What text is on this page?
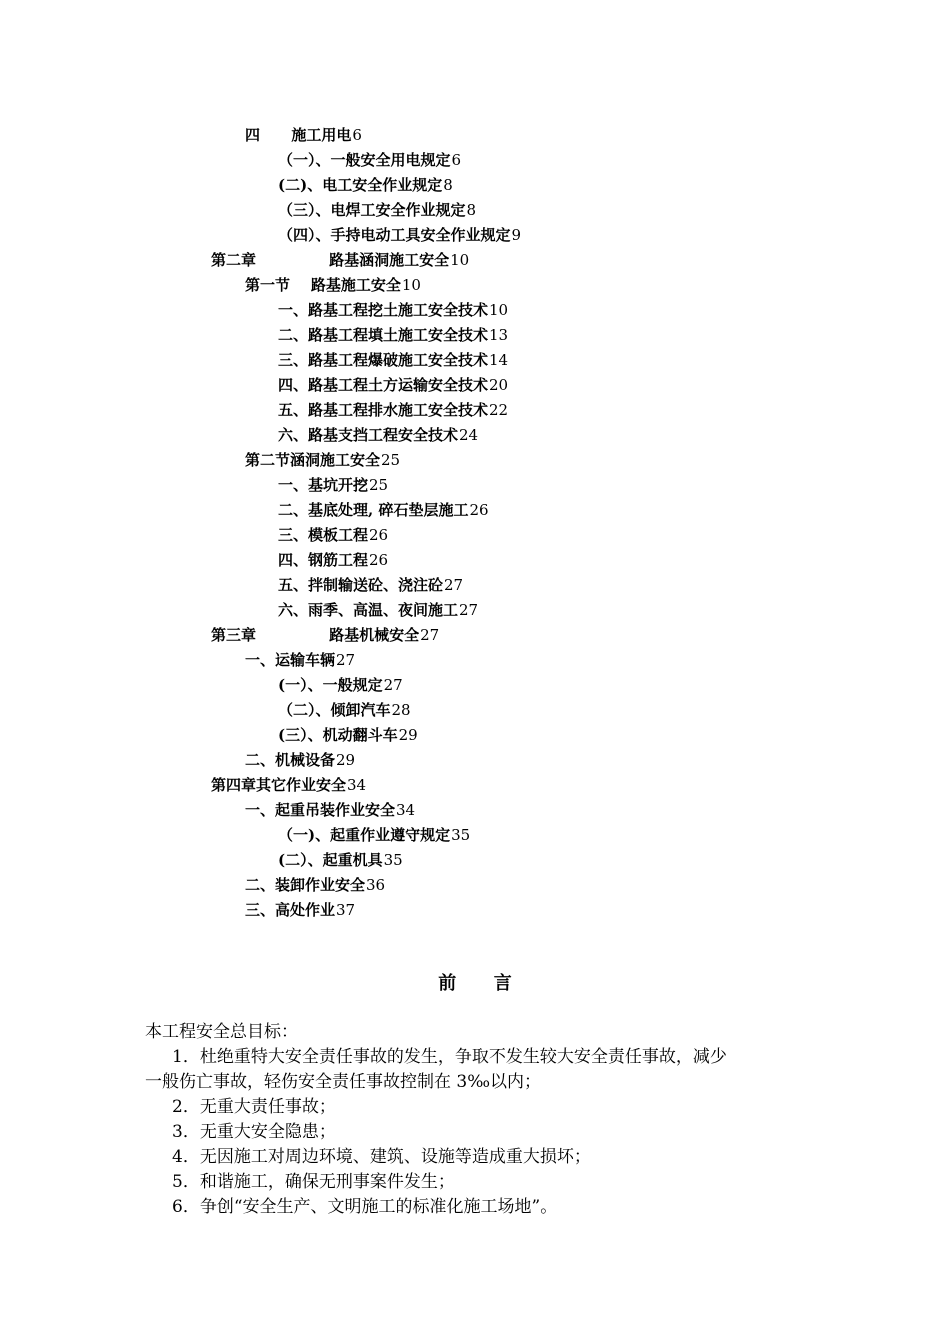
四      施工用电6
（一）、一般安全用电规定6
(二)、电工安全作业规定8
（三）、电焊工安全作业规定8
（四）、手持电动工具安全作业规定9
第二章              路基涵洞施工安全10
第一节    路基施工安全10
一、路基工程挖土施工安全技术10
二、路基工程填土施工安全技术13
三、路基工程爆破施工安全技术14
四、路基工程土方运输安全技术20
五、路基工程排水施工安全技术22
六、路基支挡工程安全技术24
第二节涵洞施工安全25
一、基坑开挖25
二、基底处理, 碎石垫层施工26
三、模板工程26
四、钢筋工程26
五、拌制输送砼、浇注砼27
六、雨季、高温、夜间施工27
第三章              路基机械安全27
一、运输车辆27
(一）、一般规定27
（二）、倾卸汽车28
(三）、机动翻斗车29
二、机械设备29
第四章其它作业安全34
一、起重吊装作业安全34
（一)、起重作业遵守规定35
(二）、起重机具35
二、装卸作业安全36
三、高处作业37
前      言

本工程安全总目标：

1．杜绝重特大安全责任事故的发生，争取不发生较大安全责任事故，减少

一般伤亡事故，轻伤安全责任事故控制在 3‰以内；

2．无重大责任事故；

3．无重大安全隐患；

4．无因施工对周边环境、建筑、设施等造成重大损坏；

5．和谐施工，确保无刑事案件发生；

6．争创“安全生产、文明施工的标准化施工场地”。
